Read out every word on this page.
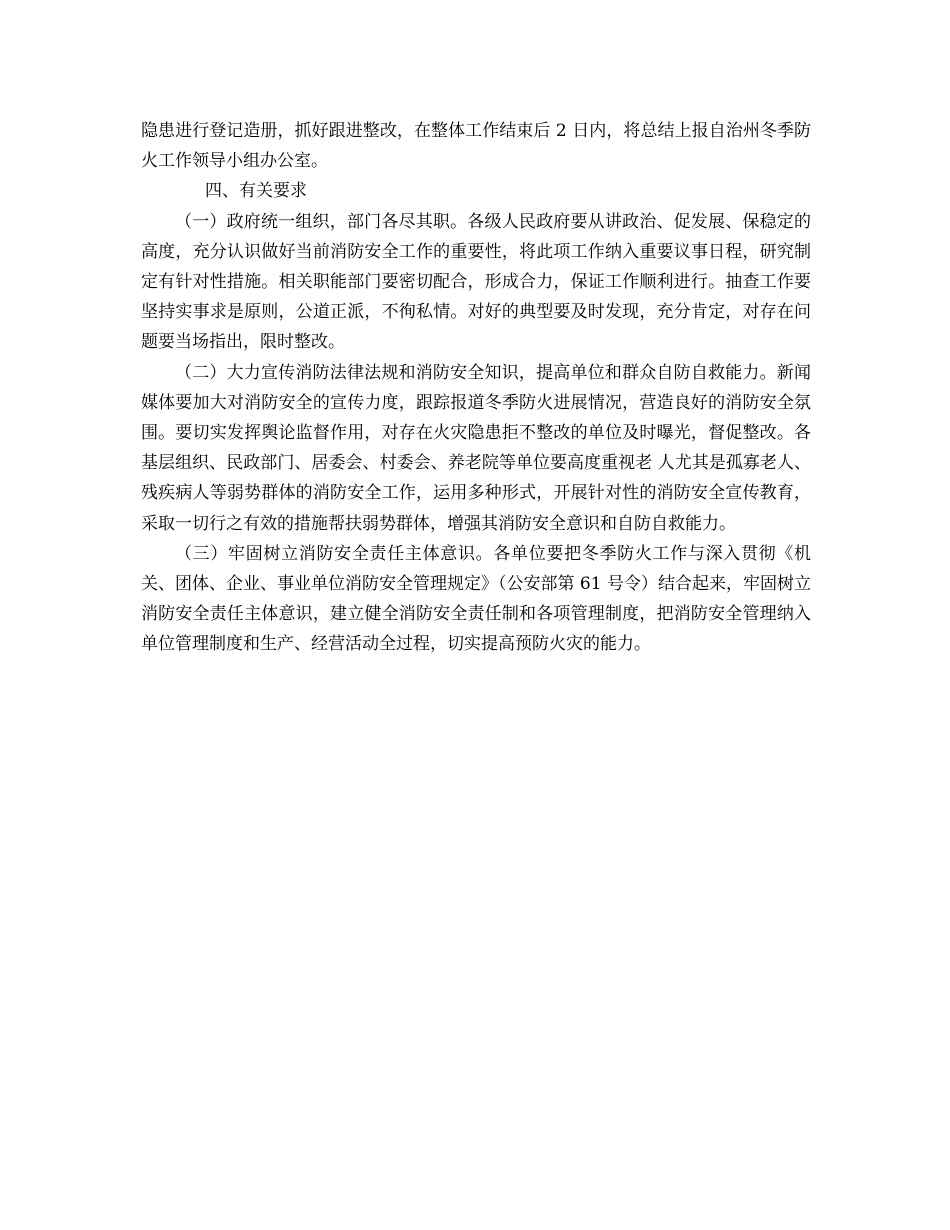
隐患进行登记造册，抓好跟进整改，在整体工作结束后 2 日内，将总结上报自治州冬季防火工作领导小组办公室。

四、有关要求

（一）政府统一组织，部门各尽其职。各级人民政府要从讲政治、促发展、保稳定的高度，充分认识做好当前消防安全工作的重要性，将此项工作纳入重要议事日程，研究制定有针对性措施。相关职能部门要密切配合，形成合力，保证工作顺利进行。抽查工作要坚持实事求是原则，公道正派，不徇私情。对好的典型要及时发现，充分肯定，对存在问题要当场指出，限时整改。

（二）大力宣传消防法律法规和消防安全知识，提高单位和群众自防自救能力。新闻媒体要加大对消防安全的宣传力度，跟踪报道冬季防火进展情况，营造良好的消防安全氛围。要切实发挥舆论监督作用，对存在火灾隐患拒不整改的单位及时曝光，督促整改。各基层组织、民政部门、居委会、村委会、养老院等单位要高度重视老 人尤其是孤寡老人、残疾病人等弱势群体的消防安全工作，运用多种形式，开展针对性的消防安全宣传教育，采取一切行之有效的措施帮扶弱势群体，增强其消防安全意识和自防自救能力。

（三）牢固树立消防安全责任主体意识。各单位要把冬季防火工作与深入贯彻《机关、团体、企业、事业单位消防安全管理规定》（公安部第 61 号令）结合起来，牢固树立消防安全责任主体意识，建立健全消防安全责任制和各项管理制度，把消防安全管理纳入单位管理制度和生产、经营活动全过程，切实提高预防火灾的能力。
